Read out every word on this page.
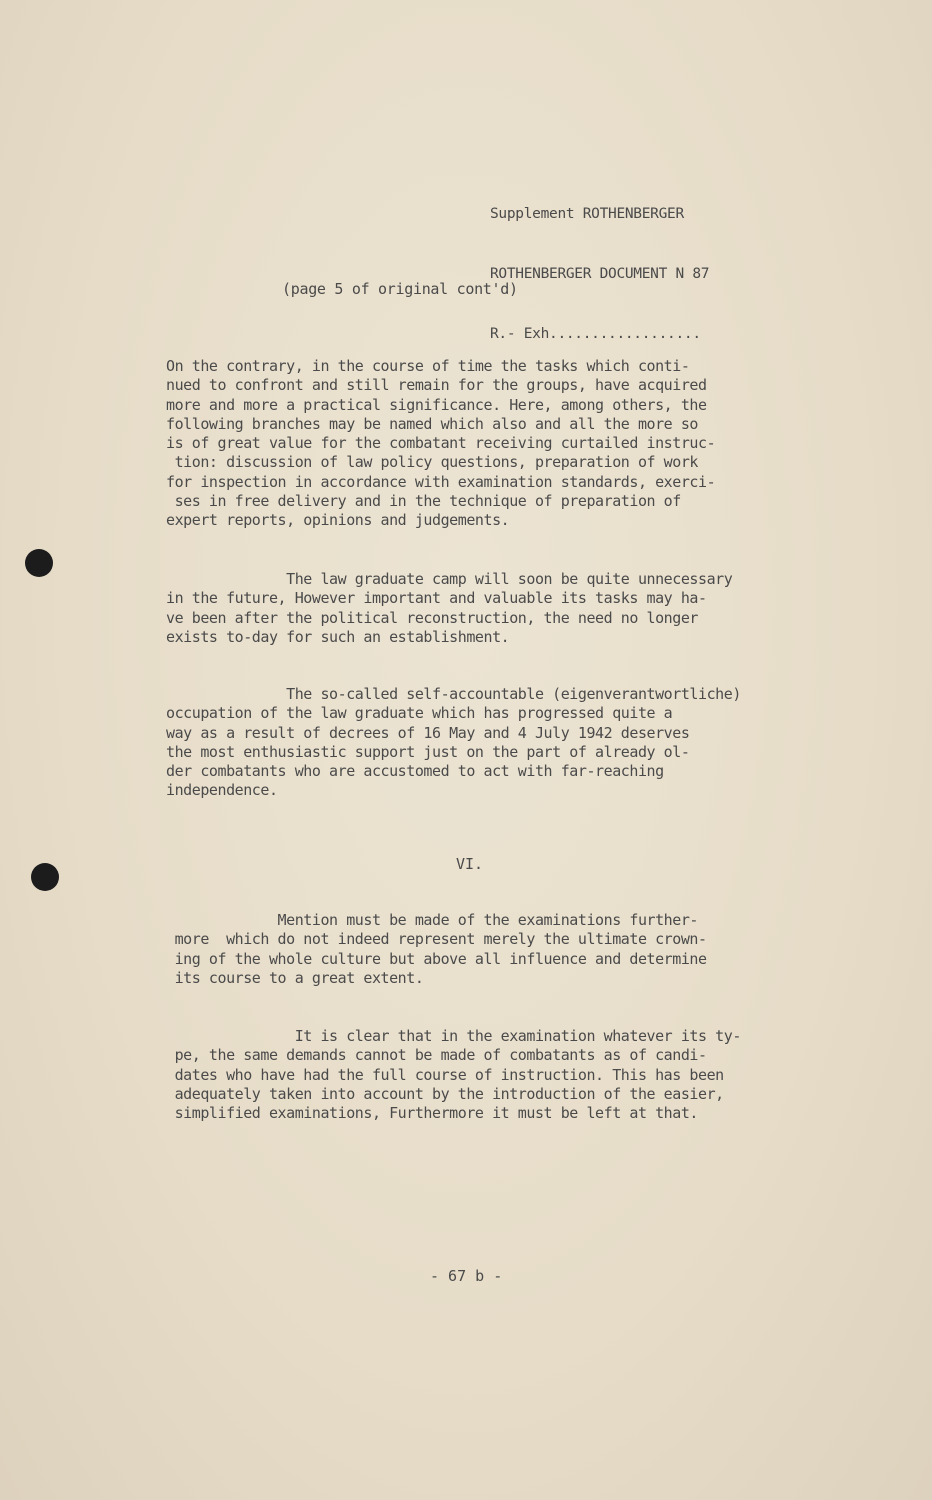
Supplement ROTHENBERGER

ROTHENBERGER DOCUMENT N 87

R.- Exh..................

(page 5 of original cont'd)
On the contrary, in the course of time the tasks which conti-
nued to confront and still remain for the groups, have acquired
more and more a practical significance. Here, among others, the
following branches may be named which also and all the more so
is of great value for the combatant receiving curtailed instruc-
tion: discussion of law policy questions, preparation of work
for inspection in accordance with examination standards, exerci-
ses in free delivery and in the technique of preparation of
expert reports, opinions and judgements.
The law graduate camp will soon be quite unnecessary
in the future, However important and valuable its tasks may ha-
ve been after the political reconstruction, the need no longer
exists to-day for such an establishment.
The so-called self-accountable (eigenverantwortliche)
occupation of the law graduate which has progressed quite a
way as a result of decrees of 16 May and 4 July 1942 deserves
the most enthusiastic support just on the part of already ol-
der combatants who are accustomed to act with far-reaching
independence.
VI.
Mention must be made of the examinations further-
more  which do not indeed represent merely the ultimate crown-
ing of the whole culture but above all influence and determine
its course to a great extent.
It is clear that in the examination whatever its ty-
pe, the same demands cannot be made of combatants as of candi-
dates who have had the full course of instruction. This has been
adequately taken into account by the introduction of the easier,
simplified examinations, Furthermore it must be left at that.
- 67 b -
